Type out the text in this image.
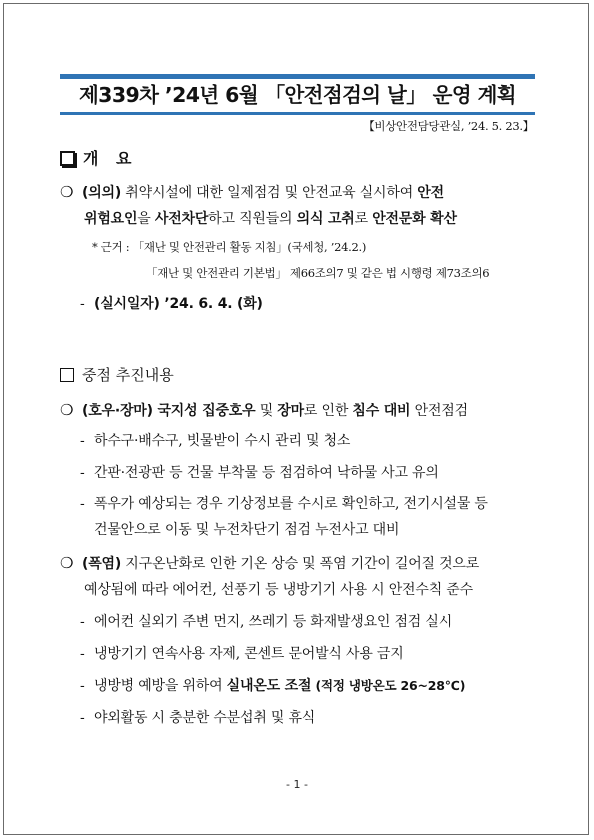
제339차 ’24년 6월 「안전점검의 날」 운영 계획
【비상안전담당관실, ’24. 5. 23.】
개 요
❍ (의의) 취약시설에 대한 일제점검 및 안전교육 실시하여 안전
위험요인을 사전차단하고 직원들의 의식 고취로 안전문화 확산
* 근거 : 「재난 및 안전관리 활동 지침」(국세청, ’24.2.)
「재난 및 안전관리 기본법」 제66조의7 및 같은 법 시행령 제73조의6
- (실시일자) ’24. 6. 4. (화)
중점 추진내용
❍ (호우·장마) 국지성 집중호우 및 장마로 인한 침수 대비 안전점검
- 하수구·배수구, 빗물받이 수시 관리 및 청소
- 간판·전광판 등 건물 부착물 등 점검하여 낙하물 사고 유의
- 폭우가 예상되는 경우 기상정보를 수시로 확인하고, 전기시설물 등
건물안으로 이동 및 누전차단기 점검 누전사고 대비
❍ (폭염) 지구온난화로 인한 기온 상승 및 폭염 기간이 길어질 것으로
예상됨에 따라 에어컨, 선풍기 등 냉방기기 사용 시 안전수칙 준수
- 에어컨 실외기 주변 먼지, 쓰레기 등 화재발생요인 점검 실시
- 냉방기기 연속사용 자제, 콘센트 문어발식 사용 금지
- 냉방병 예방을 위하여 실내온도 조절 (적정 냉방온도 26~28℃)
- 야외활동 시 충분한 수분섭취 및 휴식
- 1 -
